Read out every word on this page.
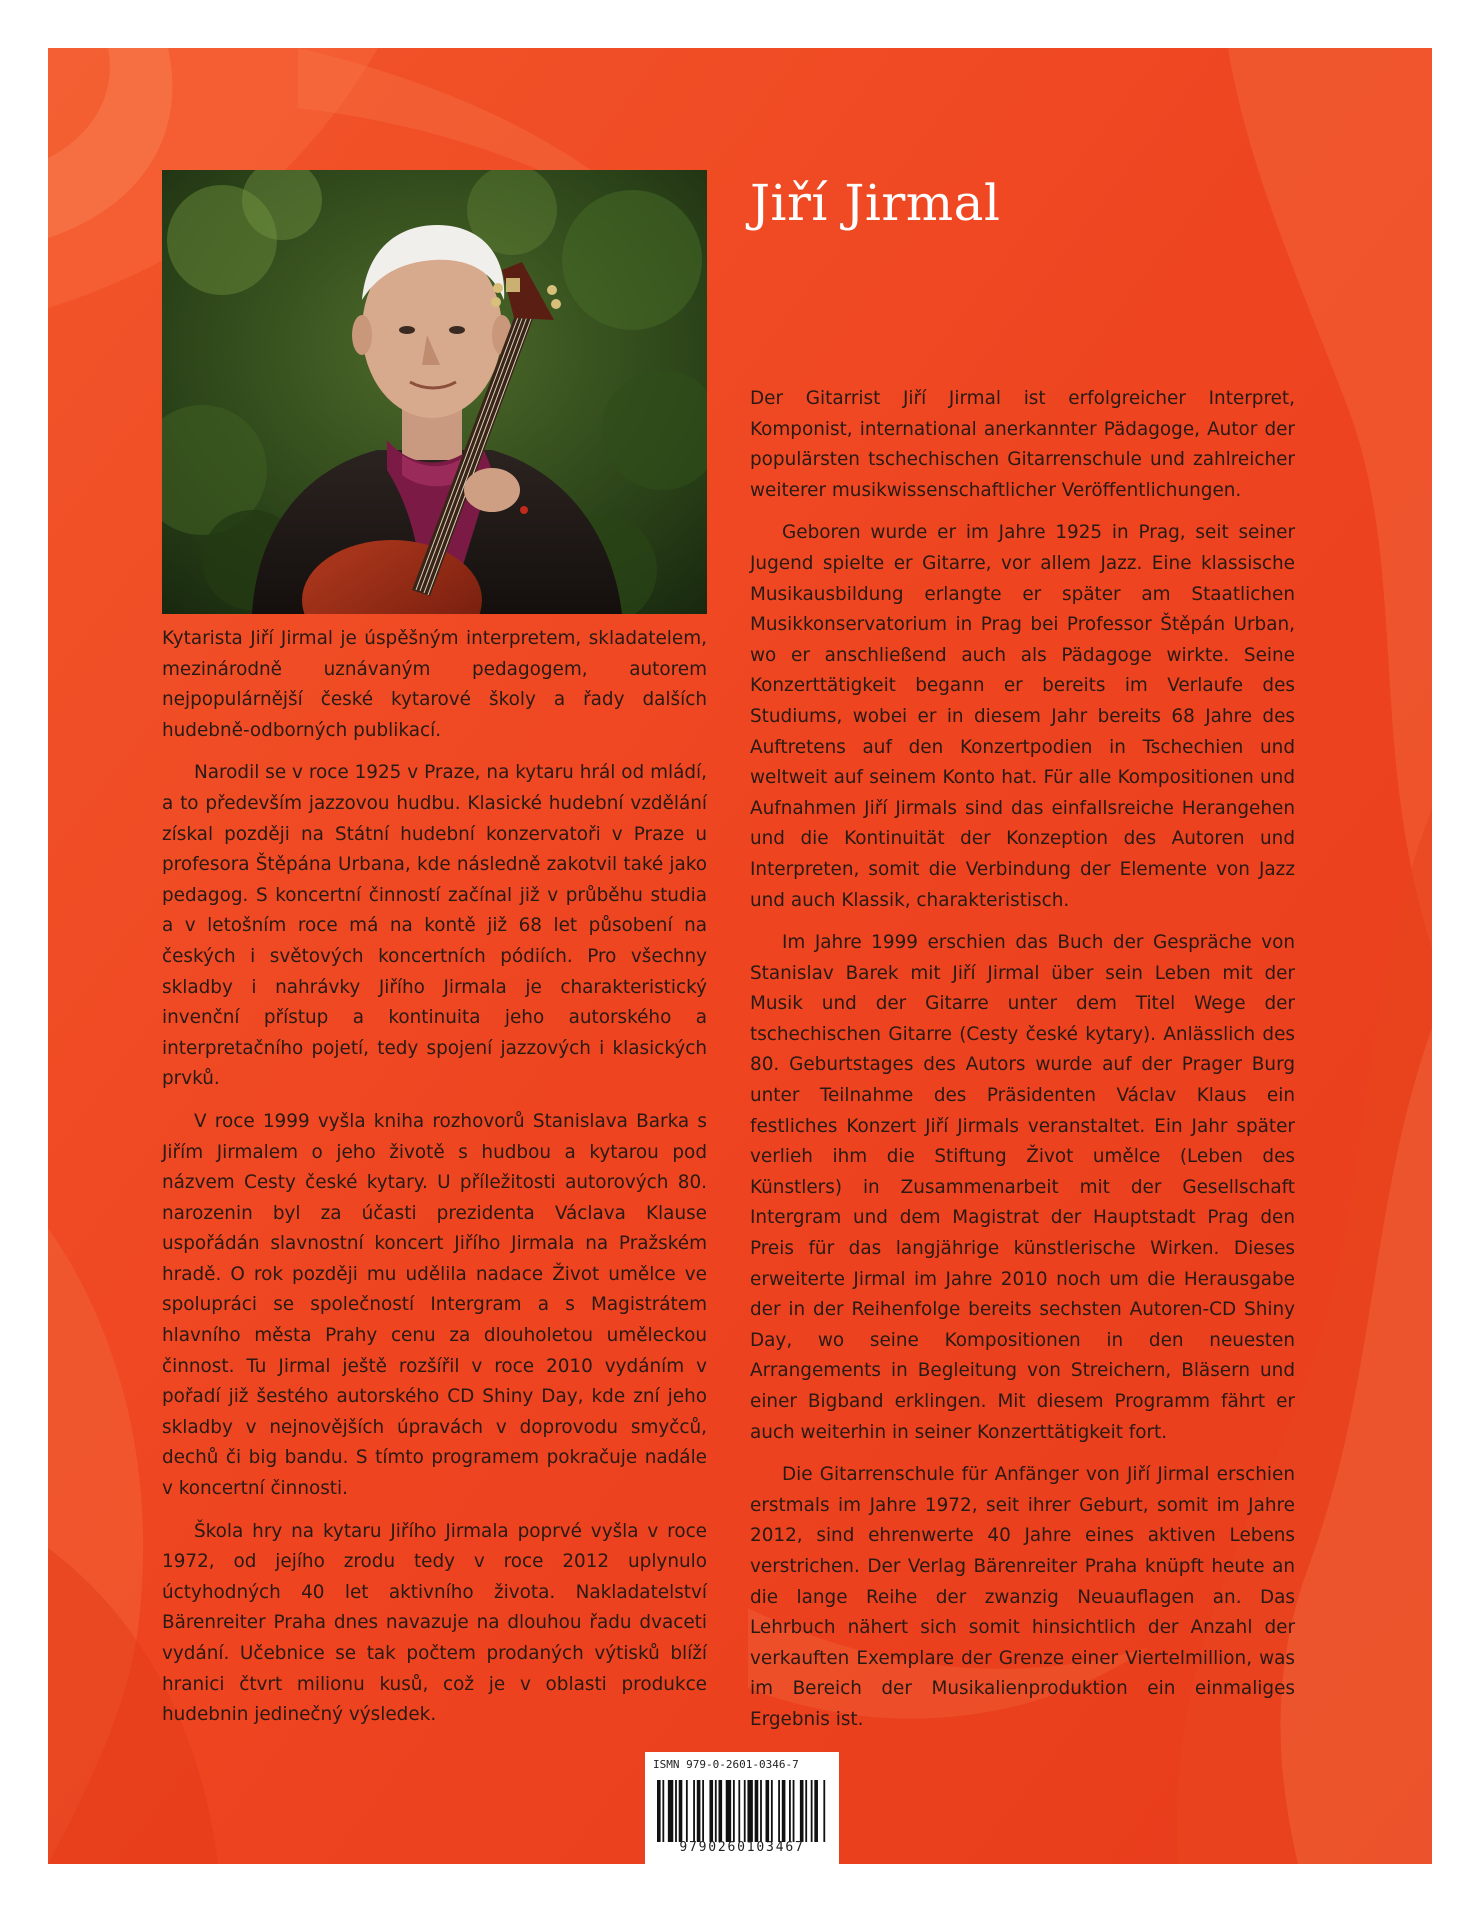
Jiří Jirmal

Kytarista Jiří Jirmal je úspěšným interpretem, skladatelem, mezinárodně uznávaným pedagogem, autorem nejpopulárnější české kytarové školy a řady dalších hudebně-odborných publikací.

Narodil se v roce 1925 v Praze, na kytaru hrál od mládí, a to především jazzovou hudbu. Klasické hudební vzdělání získal později na Státní hudební konzervatoři v Praze u profesora Štěpána Urbana, kde následně zakotvil také jako pedagog. S koncertní činností začínal již v průběhu studia a v letošním roce má na kontě již 68 let působení na českých i světových koncertních pódiích. Pro všechny skladby i nahrávky Jiřího Jirmala je charakteristický invenční přístup a kontinuita jeho autorského a interpretačního pojetí, tedy spojení jazzových i klasických prvků.

V roce 1999 vyšla kniha rozhovorů Stanislava Barka s Jiřím Jirmalem o jeho životě s hudbou a kytarou pod názvem Cesty české kytary. U příležitosti autorových 80. narozenin byl za účasti prezidenta Václava Klause uspořádán slavnostní koncert Jiřího Jirmala na Pražském hradě. O rok později mu udělila nadace Život umělce ve spolupráci se společností Intergram a s Magistrátem hlavního města Prahy cenu za dlouholetou uměleckou činnost. Tu Jirmal ještě rozšířil v roce 2010 vydáním v pořadí již šestého autorského CD Shiny Day, kde zní jeho skladby v nejnovějších úpravách v doprovodu smyčců, dechů či big bandu. S tímto programem pokračuje nadále v koncertní činnosti.

Škola hry na kytaru Jiřího Jirmala poprvé vyšla v roce 1972, od jejího zrodu tedy v roce 2012 uplynulo úctyhodných 40 let aktivního života. Nakladatelství Bärenreiter Praha dnes navazuje na dlouhou řadu dvaceti vydání. Učebnice se tak počtem prodaných výtisků blíží hranici čtvrt milionu kusů, což je v oblasti produkce hudebnin jedinečný výsledek.

Der Gitarrist Jiří Jirmal ist erfolgreicher Interpret, Komponist, international anerkannter Pädagoge, Autor der populärsten tschechischen Gitarrenschule und zahlreicher weiterer musikwissenschaftlicher Veröffentlichungen.

Geboren wurde er im Jahre 1925 in Prag, seit seiner Jugend spielte er Gitarre, vor allem Jazz. Eine klassische Musikausbildung erlangte er später am Staatlichen Musikkonservatorium in Prag bei Professor Štěpán Urban, wo er anschließend auch als Pädagoge wirkte. Seine Konzerttätigkeit begann er bereits im Verlaufe des Studiums, wobei er in diesem Jahr bereits 68 Jahre des Auftretens auf den Konzertpodien in Tschechien und weltweit auf seinem Konto hat. Für alle Kompositionen und Aufnahmen Jiří Jirmals sind das einfallsreiche Herangehen und die Kontinuität der Konzeption des Autoren und Interpreten, somit die Verbindung der Elemente von Jazz und auch Klassik, charakteristisch.

Im Jahre 1999 erschien das Buch der Gespräche von Stanislav Barek mit Jiří Jirmal über sein Leben mit der Musik und der Gitarre unter dem Titel Wege der tschechischen Gitarre (Cesty české kytary). Anlässlich des 80. Geburtstages des Autors wurde auf der Prager Burg unter Teilnahme des Präsidenten Václav Klaus ein festliches Konzert Jiří Jirmals veranstaltet. Ein Jahr später verlieh ihm die Stiftung Život umělce (Leben des Künstlers) in Zusammenarbeit mit der Gesellschaft Intergram und dem Magistrat der Hauptstadt Prag den Preis für das langjährige künstlerische Wirken. Dieses erweiterte Jirmal im Jahre 2010 noch um die Herausgabe der in der Reihenfolge bereits sechsten Autoren-CD Shiny Day, wo seine Kompositionen in den neuesten Arrangements in Begleitung von Streichern, Bläsern und einer Bigband erklingen. Mit diesem Programm fährt er auch weiterhin in seiner Konzerttätigkeit fort.

Die Gitarrenschule für Anfänger von Jiří Jirmal erschien erstmals im Jahre 1972, seit ihrer Geburt, somit im Jahre 2012, sind ehrenwerte 40 Jahre eines aktiven Lebens verstrichen. Der Verlag Bärenreiter Praha knüpft heute an die lange Reihe der zwanzig Neuauflagen an. Das Lehrbuch nähert sich somit hinsichtlich der Anzahl der verkauften Exemplare der Grenze einer Viertelmillion, was im Bereich der Musikalienproduktion ein einmaliges Ergebnis ist.

ISMN 979-0-2601-0346-7
9790260103467
